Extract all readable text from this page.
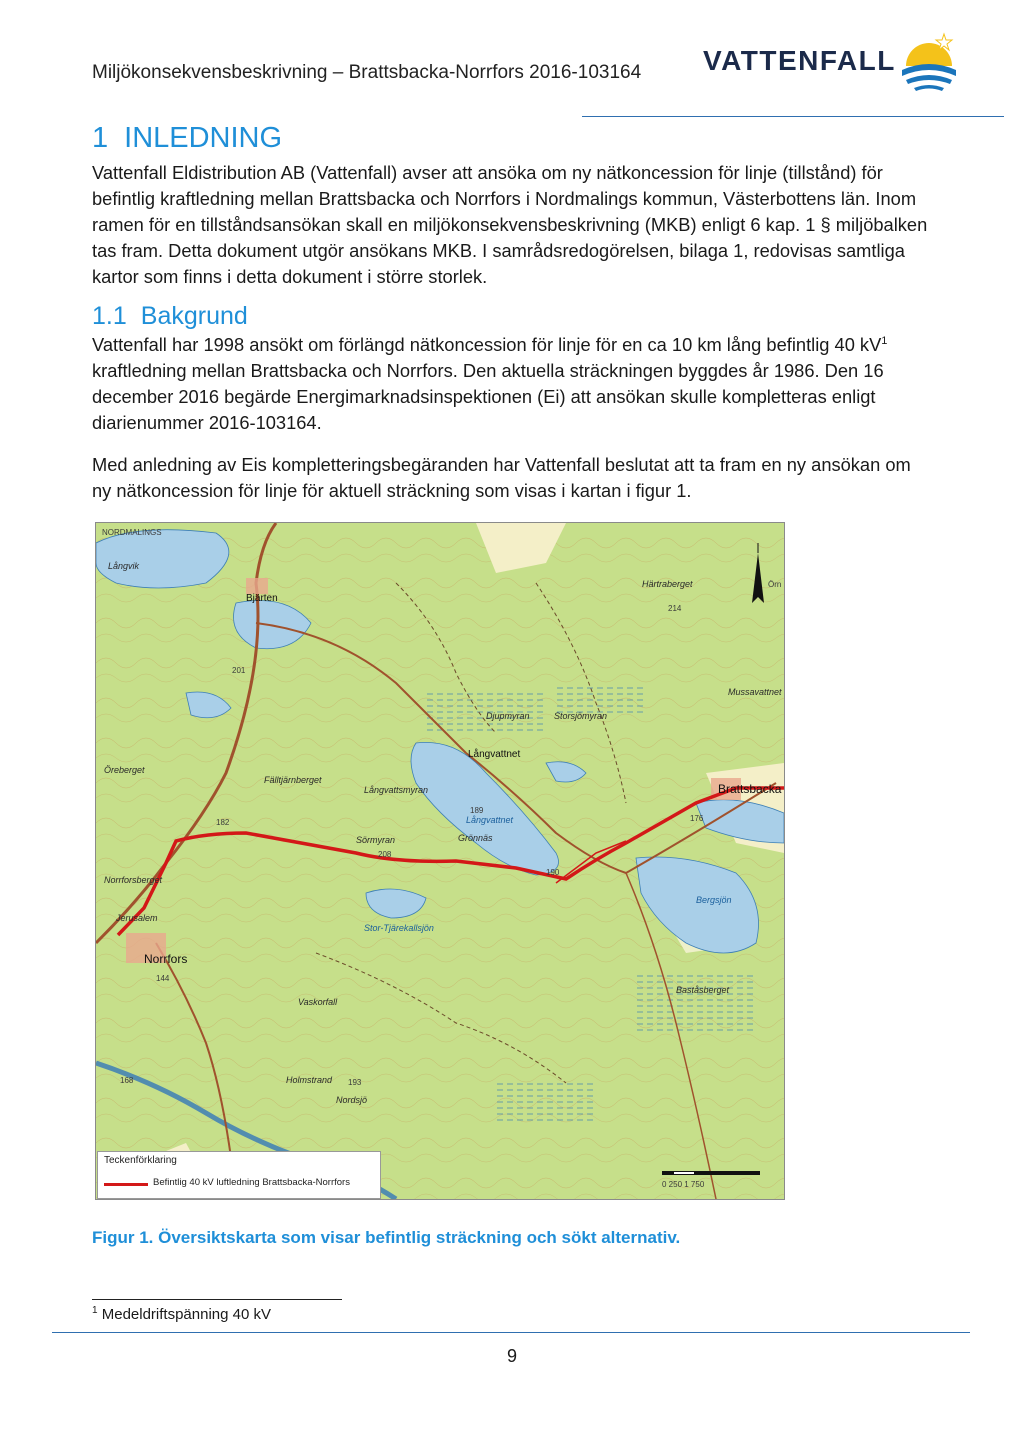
Miljökonsekvensbeskrivning – Brattsbacka-Norrfors 2016-103164 VATTENFALL
1 INLEDNING

Vattenfall Eldistribution AB (Vattenfall) avser att ansöka om ny nätkoncession för linje (tillstånd) för befintlig kraftledning mellan Brattsbacka och Norrfors i Nordmalings kommun, Västerbottens län. Inom ramen för en tillståndsansökan skall en miljökonsekvensbeskrivning (MKB) enligt 6 kap. 1 § miljöbalken tas fram. Detta dokument utgör ansökans MKB. I samrådsredogörelsen, bilaga 1, redovisas samtliga kartor som finns i detta dokument i större storlek.

1.1 Bakgrund

Vattenfall har 1998 ansökt om förlängd nätkoncession för linje för en ca 10 km lång befintlig 40 $kV^1$ kraftledning mellan Brattsbacka och Norrfors. Den aktuella sträckningen byggdes år 1986. Den 16 december 2016 begärde Energimarknadsinspektionen (Ei) att ansökan skulle kompletteras enligt diarienummer 2016-103164.

Med anledning av Eis kompletteringsbegäranden har Vattenfall beslutat att ta fram en ny ansökan om ny nätkoncession för linje för aktuell sträckning som visas i kartan i figur 1.

0 250 1 750
Brattsbacka
Norrfors
Långvattnet
Långvattnet
Bjärten
Långvik
Öreberget
Fälltjärnberget
Norrforsberget
Jerusalem
Grönnäs
Bergsjön
Stor-Tjärekallsjön
Nordsjö
Holmstrand
Vaskorfall
Storsjömyran
NORDMALINGS
Långvattsmyran
Djupmyran
Sörmyran
Mussavattnet
Baståsberget
Härtraberget	Örn
201
182
208
190
189
176
144
168	193
214
Teckenförklaring
Befintlig 40 kV luftledning Brattsbacka-Norrfors
Figur 1. Översiktskarta som visar befintlig sträckning och sökt alternativ.
$^1$ Medeldriftspänning 40 kV
9
